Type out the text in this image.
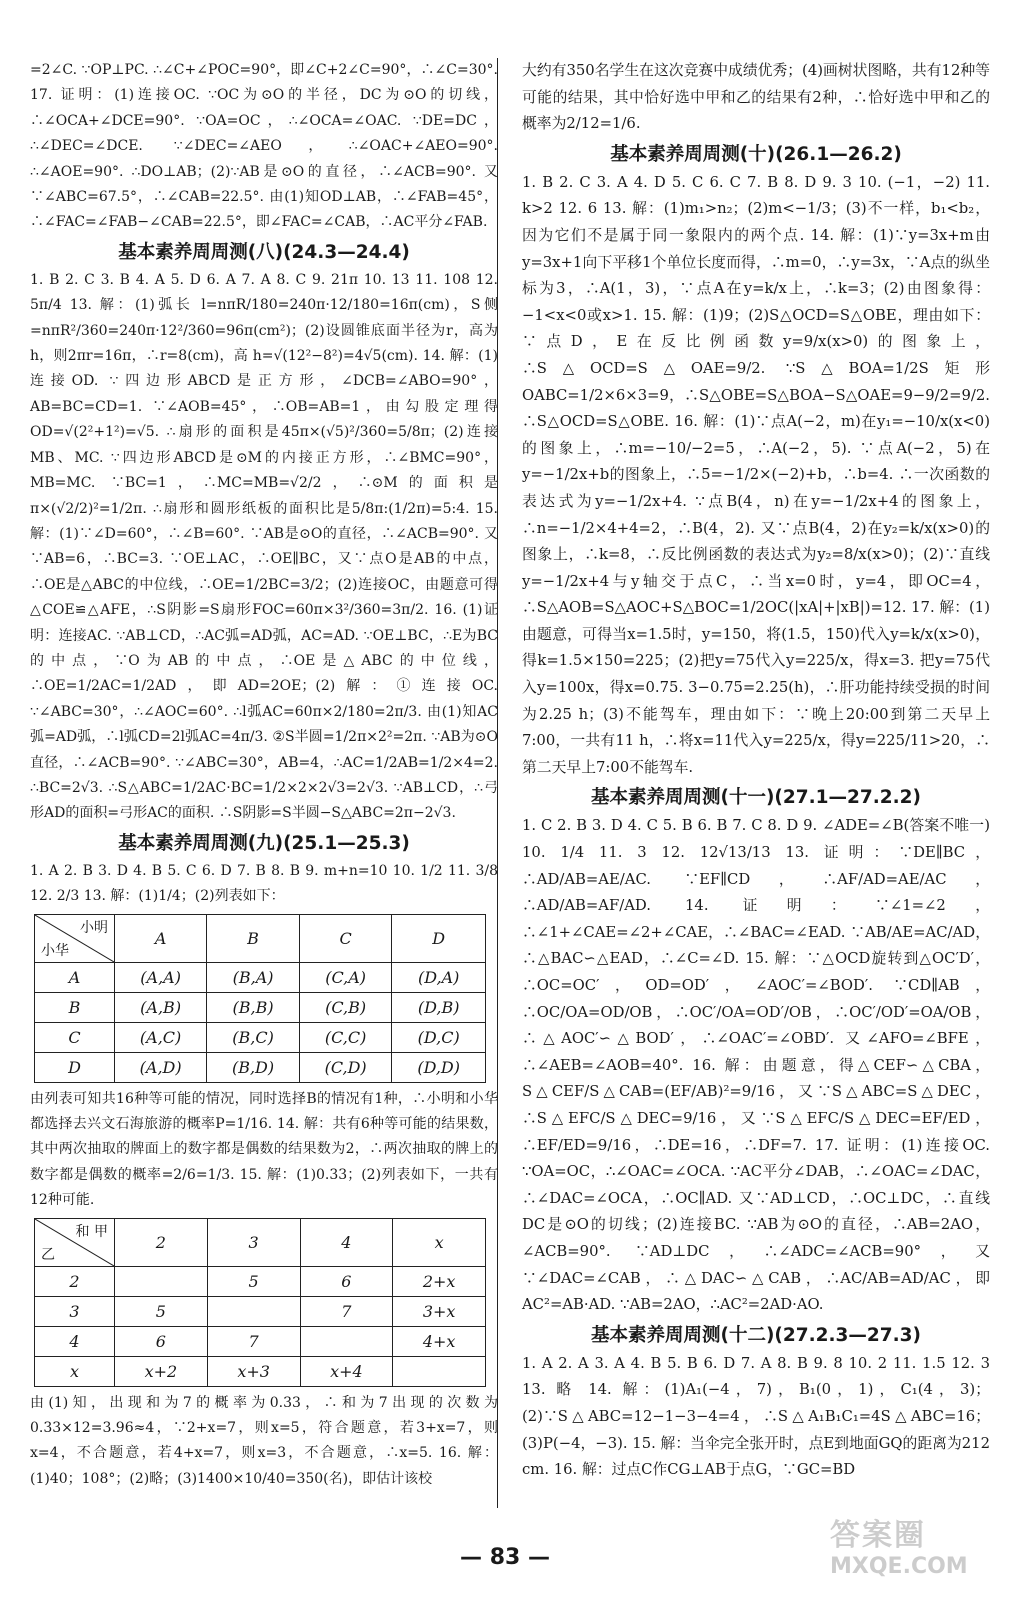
=2∠C. ∵OP⊥PC. ∴∠C+∠POC=90°，即∠C+2∠C=90°，∴∠C=30°. 17. 证明：(1)连接OC. ∵OC为⊙O的半径，DC为⊙O的切线，∴∠OCA+∠DCE=90°. ∵OA=OC，∴∠OCA=∠OAC. ∵DE=DC，∴∠DEC=∠DCE. ∵∠DEC=∠AEO，∴∠OAC+∠AEO=90°. ∴∠AOE=90°. ∴DO⊥AB；(2)∵AB是⊙O的直径，∴∠ACB=90°. 又∵∠ABC=67.5°，∴∠CAB=22.5°. 由(1)知OD⊥AB，∴∠FAB=45°，∴∠FAC=∠FAB−∠CAB=22.5°，即∠FAC=∠CAB，∴AC平分∠FAB.

基本素养周周测(八)(24.3—24.4)

1. B 2. C 3. B 4. A 5. D 6. A 7. A 8. C 9. 21π 10. 13 11. 108 12. 5π/4 13. 解：(1)弧长 l=nπR/180=240π·12/180=16π(cm)，S侧=nπR²/360=240π·12²/360=96π(cm²)；(2)设圆锥底面半径为r，高为h，则2πr=16π，∴r=8(cm)，高 h=√(12²−8²)=4√5(cm). 14. 解：(1)连接OD. ∵四边形ABCD是正方形，∠DCB=∠ABO=90°，AB=BC=CD=1. ∵∠AOB=45°，∴OB=AB=1，由勾股定理得OD=√(2²+1²)=√5. ∴扇形的面积是45π×(√5)²/360=5/8π；(2)连接MB、MC. ∵四边形ABCD是⊙M的内接正方形，∴∠BMC=90°，MB=MC. ∵BC=1，∴MC=MB=√2/2，∴⊙M的面积是π×(√2/2)²=1/2π. ∴扇形和圆形纸板的面积比是5/8π:(1/2π)=5:4. 15. 解：(1)∵∠D=60°，∴∠B=60°. ∵AB是⊙O的直径，∴∠ACB=90°. 又∵AB=6，∴BC=3. ∵OE⊥AC，∴OE∥BC，又∵点O是AB的中点，∴OE是△ABC的中位线，∴OE=1/2BC=3/2；(2)连接OC，由题意可得△COE≌△AFE，∴S阴影=S扇形FOC=60π×3²/360=3π/2. 16. (1)证明：连接AC. ∵AB⊥CD，∴AC弧=AD弧，AC=AD. ∵OE⊥BC，∴E为BC的中点，∵O为AB的中点，∴OE是△ABC的中位线，∴OE=1/2AC=1/2AD，即AD=2OE；(2)解：①连接OC. ∵∠ABC=30°，∴∠AOC=60°. ∴l弧AC=60π×2/180=2π/3. 由(1)知AC弧=AD弧，∴l弧CD=2l弧AC=4π/3. ②S半圆=1/2π×2²=2π. ∵AB为⊙O直径，∴∠ACB=90°. ∵∠ABC=30°，AB=4，∴AC=1/2AB=1/2×4=2. ∴BC=2√3. ∴S△ABC=1/2AC·BC=1/2×2×2√3=2√3. ∵AB⊥CD，∴弓形AD的面积=弓形AC的面积. ∴S阴影=S半圆−S△ABC=2π−2√3.

基本素养周周测(九)(25.1—25.3)

1. A 2. B 3. D 4. B 5. C 6. D 7. B 8. B 9. m+n=10 10. 1/2 11. 3/8 12. 2/3 13. 解：(1)1/4；(2)列表如下：

小明
小华	A	B	C	D
A	(A,A)	(B,A)	(C,A)	(D,A)
B	(A,B)	(B,B)	(C,B)	(D,B)
C	(A,C)	(B,C)	(C,C)	(D,C)
D	(A,D)	(B,D)	(C,D)	(D,D)

由列表可知共16种等可能的情况，同时选择B的情况有1种，∴小明和小华都选择去兴文石海旅游的概率P=1/16. 14. 解：共有6种等可能的结果数，其中两次抽取的牌面上的数字都是偶数的结果数为2，∴两次抽取的牌上的数字都是偶数的概率=2/6=1/3. 15. 解：(1)0.33；(2)列表如下，一共有12种可能.

和 甲
乙	2	3	4	x
2		5	6	2+x
3	5		7	3+x
4	6	7		4+x
x	x+2	x+3	x+4	

由(1)知，出现和为7的概率为0.33，∴和为7出现的次数为0.33×12=3.96≈4，∵2+x=7，则x=5，符合题意，若3+x=7，则x=4，不合题意，若4+x=7，则x=3，不合题意，∴x=5. 16. 解：(1)40；108°；(2)略；(3)1400×10/40=350(名)，即估计该校

大约有350名学生在这次竞赛中成绩优秀；(4)画树状图略，共有12种等可能的结果，其中恰好选中甲和乙的结果有2种，∴恰好选中甲和乙的概率为2/12=1/6.

基本素养周周测(十)(26.1—26.2)

1. B 2. C 3. A 4. D 5. C 6. C 7. B 8. D 9. 3 10. (−1，−2) 11. k>2 12. 6 13. 解：(1)m₁>n₂；(2)m<−1/3；(3)不一样，b₁<b₂，因为它们不是属于同一象限内的两个点. 14. 解：(1)∵y=3x+m由y=3x+1向下平移1个单位长度而得，∴m=0，∴y=3x，∵A点的纵坐标为3，∴A(1，3)，∵点A在y=k/x上，∴k=3；(2)由图象得：−1<x<0或x>1. 15. 解：(1)9；(2)S△OCD=S△OBE，理由如下：∵点D，E在反比例函数y=9/x(x>0)的图象上，∴S△OCD=S△OAE=9/2. ∵S△BOA=1/2S矩形OABC=1/2×6×3=9，∴S△OBE=S△BOA−S△OAE=9−9/2=9/2. ∴S△OCD=S△OBE. 16. 解：(1)∵点A(−2，m)在y₁=−10/x(x<0)的图象上，∴m=−10/−2=5，∴A(−2，5). ∵点A(−2，5)在y=−1/2x+b的图象上，∴5=−1/2×(−2)+b，∴b=4. ∴一次函数的表达式为y=−1/2x+4. ∵点B(4，n)在y=−1/2x+4的图象上，∴n=−1/2×4+4=2，∴B(4，2). 又∵点B(4，2)在y₂=k/x(x>0)的图象上，∴k=8，∴反比例函数的表达式为y₂=8/x(x>0)；(2)∵直线y=−1/2x+4与y轴交于点C，∴当x=0时，y=4，即OC=4，∴S△AOB=S△AOC+S△BOC=1/2OC(|xA|+|xB|)=12. 17. 解：(1)由题意，可得当x=1.5时，y=150，将(1.5，150)代入y=k/x(x>0)，得k=1.5×150=225；(2)把y=75代入y=225/x，得x=3. 把y=75代入y=100x，得x=0.75. 3−0.75=2.25(h)，∴肝功能持续受损的时间为2.25 h；(3)不能驾车，理由如下：∵晚上20:00到第二天早上7:00，一共有11 h，∴将x=11代入y=225/x，得y=225/11>20，∴第二天早上7:00不能驾车.

基本素养周周测(十一)(27.1—27.2.2)

1. C 2. B 3. D 4. C 5. B 6. B 7. C 8. D 9. ∠ADE=∠B(答案不唯一) 10. 1/4 11. 3 12. 12√13/13 13. 证明：∵DE∥BC，∴AD/AB=AE/AC. ∵EF∥CD，∴AF/AD=AE/AC，∴AD/AB=AF/AD. 14. 证明：∵∠1=∠2，∴∠1+∠CAE=∠2+∠CAE，∴∠BAC=∠EAD. ∵AB/AE=AC/AD，∴△BAC∽△EAD，∴∠C=∠D. 15. 解：∵△OCD旋转到△OC′D′，∴OC=OC′，OD=OD′，∠AOC′=∠BOD′. ∵CD∥AB，∴OC/OA=OD/OB，∴OC′/OA=OD′/OB，∴OC′/OD′=OA/OB，∴△AOC′∽△BOD′，∴∠OAC′=∠OBD′. 又∠AFO=∠BFE，∴∠AEB=∠AOB=40°. 16. 解：由题意，得△CEF∽△CBA，S△CEF/S△CAB=(EF/AB)²=9/16，又∵S△ABC=S△DEC，∴S△EFC/S△DEC=9/16，又∵S△EFC/S△DEC=EF/ED，∴EF/ED=9/16，∴DE=16，∴DF=7. 17. 证明：(1)连接OC. ∵OA=OC，∴∠OAC=∠OCA. ∵AC平分∠DAB，∴∠OAC=∠DAC，∴∠DAC=∠OCA，∴OC∥AD. 又∵AD⊥CD，∴OC⊥DC，∴直线DC是⊙O的切线；(2)连接BC. ∵AB为⊙O的直径，∴AB=2AO，∠ACB=90°. ∵AD⊥DC，∴∠ADC=∠ACB=90°，又∵∠DAC=∠CAB，∴△DAC∽△CAB，∴AC/AB=AD/AC，即AC²=AB·AD. ∵AB=2AO，∴AC²=2AD·AO.

基本素养周周测(十二)(27.2.3—27.3)

1. A 2. A 3. A 4. B 5. B 6. D 7. A 8. B 9. 8 10. 2 11. 1.5 12. 3 13. 略 14. 解：(1)A₁(−4，7)，B₁(0，1)，C₁(4，3)；(2)∵S△ABC=12−1−3−4=4，∴S△A₁B₁C₁=4S△ABC=16；(3)P(−4，−3). 15. 解：当伞完全张开时，点E到地面GQ的距离为212 cm. 16. 解：过点C作CG⊥AB于点G，∵GC=BD

— 83 —
答案圈
MXQE.COM
